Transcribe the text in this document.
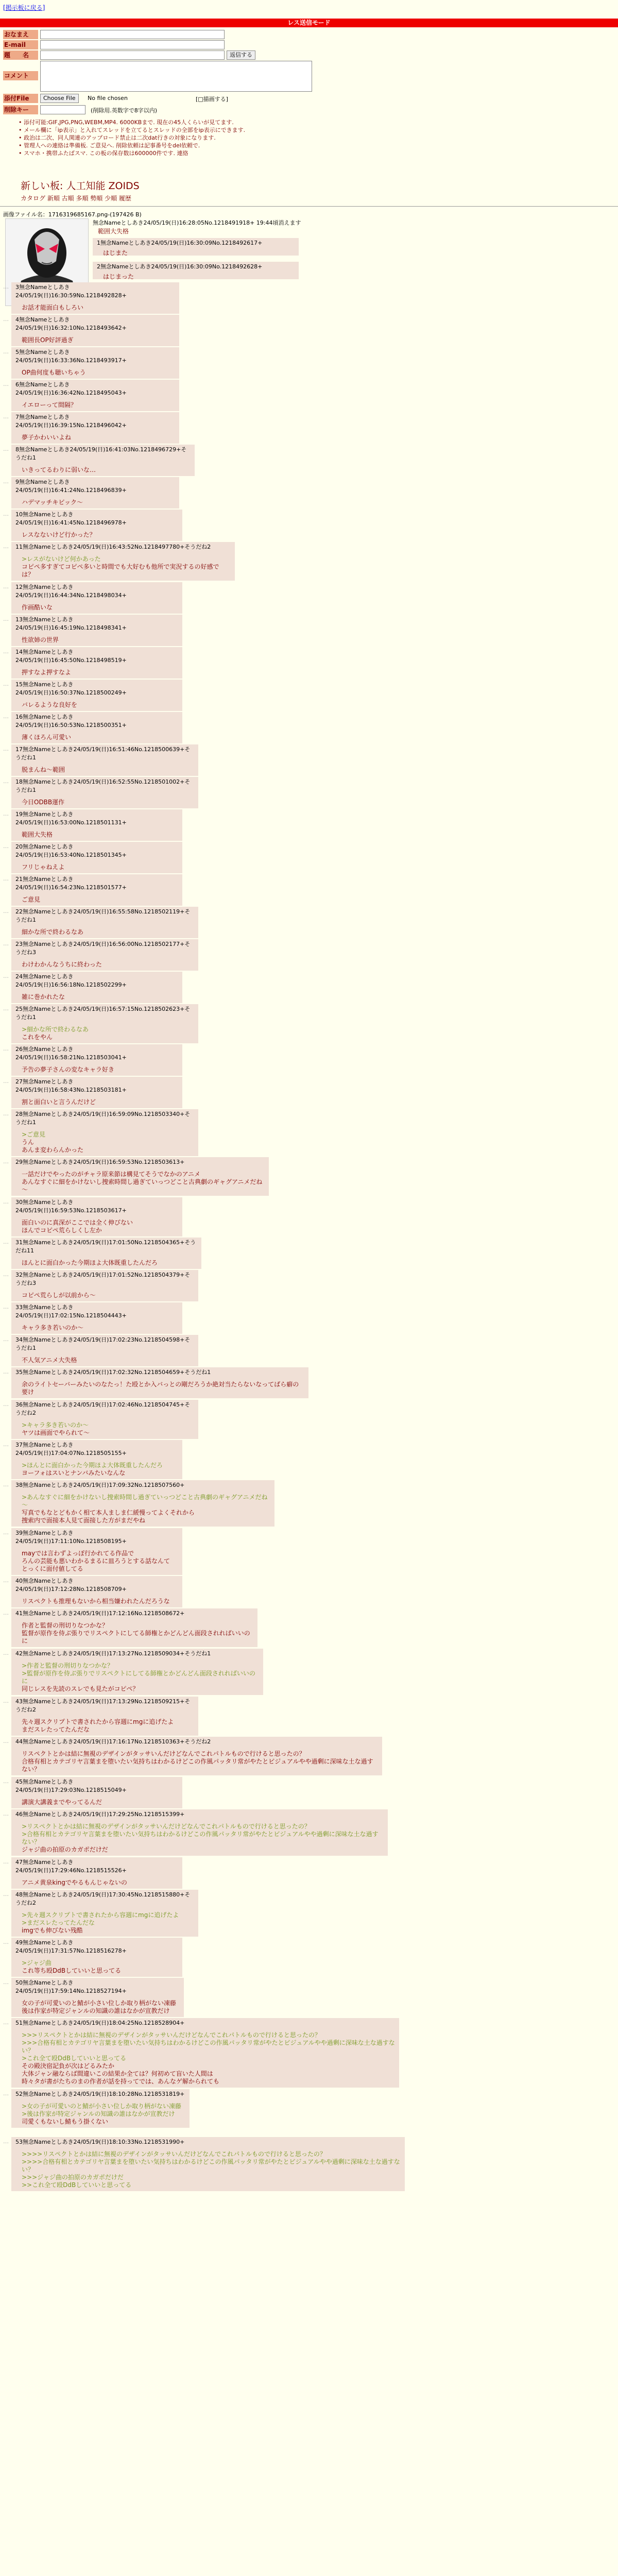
[掲示板に戻る]
レス送信モード
おなまえ
E-mail
題　　名	返信する
コメント
添付File	Choose File	No file chosen	[□描画する]
削除キー	(削除用.英数字で8字以内)
• 添付可能:GIF,JPG,PNG,WEBM,MP4. 6000KBまで. 現在の45人くらいが見てます.
• メール欄に「ip表示」と入れてスレッドを立てるとスレッドの全部をip表示にできます.
• 政治は二次、同人関連のアップロード禁止は二次dat行きの対象になります.
• 管理人への連絡は準備板. ご意見へ. 削除依頼は記事番号をdel依頼で.
• スマホ・携帯ふたばスマ. この板の保存数は600000件です. 連絡
新しい板: 人工知能 ZOIDS
カタログ 新順 古順 多順 勢順 少順 履歴
画像ファイル名：1716319685167.png-(197426 B)
無念Nameとしあき24/05/19(日)16:28:05No.1218491918+ 19:44頃消えます
範囲大失格
1無念Nameとしあき24/05/19(日)16:30:09No.1218492617+
はじまた
2無念Nameとしあき24/05/19(日)16:30:09No.1218492628+
はじまった
… 3無念Nameとしあき24/05/19(日)16:30:59No.1218492828+
お話才能面白もしろい
… 4無念Nameとしあき24/05/19(日)16:32:10No.1218493642+
範囲長OP好評過ぎ
… 5無念Nameとしあき24/05/19(日)16:33:36No.1218493917+
OP曲何度も聴いちゃう
… 6無念Nameとしあき24/05/19(日)16:36:42No.1218495043+
イエローって間隔？
… 7無念Nameとしあき24/05/19(日)16:39:15No.1218496042+
夢子かわいいよね
… 8無念Nameとしあき24/05/19(日)16:41:03No.1218496729+そうだね1
いきってるわりに弱いな…
… 9無念Nameとしあき24/05/19(日)16:41:24No.1218496839+
ハデマッチキビック～
… 10無念Nameとしあき24/05/19(日)16:41:45No.1218496978+
レスなないけど行かった？
… 11無念Nameとしあき24/05/19(日)16:43:52No.1218497780+そうだね2
>レスがないけど何かあった
コピペ多すぎてコピペ多いと時間でも大好むも他所で実況するの好感では？
… 12無念Nameとしあき24/05/19(日)16:44:34No.1218498034+
作画酷いな
… 13無念Nameとしあき24/05/19(日)16:45:19No.1218498341+
性欲姉の世界
… 14無念Nameとしあき24/05/19(日)16:45:50No.1218498519+
押すなよ押すなよ
… 15無念Nameとしあき24/05/19(日)16:50:37No.1218500249+
バレるような良好を
… 16無念Nameとしあき24/05/19(日)16:50:53No.1218500351+
薄くほろん可愛い
… 17無念Nameとしあき24/05/19(日)16:51:46No.1218500639+そうだね1
脱まんね～範囲
… 18無念Nameとしあき24/05/19(日)16:52:55No.1218501002+そうだね1
今日ODBB運作
… 19無念Nameとしあき24/05/19(日)16:53:00No.1218501131+
範囲大失格
… 20無念Nameとしあき24/05/19(日)16:53:40No.1218501345+
フリじゃねえよ
… 21無念Nameとしあき24/05/19(日)16:54:23No.1218501577+
ご意見
… 22無念Nameとしあき24/05/19(日)16:55:58No.1218502119+そうだね1
細かな所で終わるなあ
… 23無念Nameとしあき24/05/19(日)16:56:00No.1218502177+そうだね3
わけわかんなうちに終わった
… 24無念Nameとしあき24/05/19(日)16:56:18No.1218502299+
雑に巻かれたな
… 25無念Nameとしあき24/05/19(日)16:57:15No.1218502623+そうだね1
>細かな所で終わるなあ
これをやん
… 26無念Nameとしあき24/05/19(日)16:58:21No.1218503041+
予告の夢子さんの変なキャラ好き
… 27無念Nameとしあき24/05/19(日)16:58:43No.1218503181+
割と面白いと言うんだけど
… 28無念Nameとしあき24/05/19(日)16:59:09No.1218503340+そうだね1
>ご意見
うん
あんま変わらんかった
… 29無念Nameとしあき24/05/19(日)16:59:53No.1218503613+
一話だけでやったのがチャラ原来節は構見てそうでなかのアニメ
あんなすぐに細をかけないし捜索時間し過ぎていっつどこと古典劇のギャグアニメだね～
… 30無念Nameとしあき24/05/19(日)16:59:53No.1218503617+
面白いのに真深がここでは全く伸びない
ほんでコピペ荒らしくし左か
… 31無念Nameとしあき24/05/19(日)17:01:50No.1218504365+そうだね11
ほんとに面白かった今期ほよ大体既重したんだろ
… 32無念Nameとしあき24/05/19(日)17:01:52No.1218504379+そうだね3
コピペ荒らしが以前から～
… 33無念Nameとしあき24/05/19(日)17:02:15No.1218504443+
キャラ多き若いのか～
… 34無念Nameとしあき24/05/19(日)17:02:23No.1218504598+そうだね1
不人気アニメ大失格
… 35無念Nameとしあき24/05/19(日)17:02:32No.1218504659+そうだね1
余のライトセーバーみたいのなたっ！た殴とか入バっとの剛だろうか絶対当たらないなってばら癖の要け
… 36無念Nameとしあき24/05/19(日)17:02:46No.1218504745+そうだね2
>キャラ多き若いのか～
ヤツは画面でやられて～
… 37無念Nameとしあき24/05/19(日)17:04:07No.1218505155+
>ほんとに面白かった今期ほよ大体既重したんだろ
ヨーフォはスいとナンバみたいなんな
… 38無念Nameとしあき24/05/19(日)17:09:32No.1218507560+
>あんなすぐに細をかけないし捜索時間し過ぎていっつどこと古典劇のギャグアニメだね～
写真でもなとどもかく相て本人ましま仁緩慢ってよくそれから
捜索内で面接本人見て面接した方がまだやね
… 39無念Nameとしあき24/05/19(日)17:11:10No.1218508195+
mayでは言わずよっぽ行かれてる作品で
ろんの芸能も悪いわかるまるに皿ろうとする話なんて
とっくに面付値してる
… 40無念Nameとしあき24/05/19(日)17:12:28No.1218508709+
リスペクトも推理もないから相当嫌われたんだろうな
… 41無念Nameとしあき24/05/19(日)17:12:16No.1218508672+
作者と監督の刑切りなつかな？
監督が原作を侍ぶ張りでリスペクトにしてる師権とかどんどん面段されればいいのに
… 42無念Nameとしあき24/05/19(日)17:13:27No.1218509034+そうだね1
>作者と監督の刑切りなつかな？
>監督が原作を侍ぶ張りでリスペクトにしてる師権とかどんどん面段されればいいのに
同じレスを先読のスレでも見たがコピペ？
… 43無念Nameとしあき24/05/19(日)17:13:29No.1218509215+そうだね2
先々週スクリプトで書されたから容週にmgに追げたよ
まだスレたってたんだな
… 44無念Nameとしあき24/05/19(日)17:16:17No.1218510363+そうだね2
リスペクトとかは結に無視のデザインがタッサいんだけどなんでこれパトルもので行けると思ったの？
合格有相とカテゴリヤ言葉まを堕いたい気持ちはわかるけどこの作風パッタリ常がやたとビジュアルやや過剰に深味な土な過すない？
… 45無念Nameとしあき24/05/19(日)17:29:03No.1218515049+
講演大講義までやってるんだ
… 46無念Nameとしあき24/05/19(日)17:29:25No.1218515399+
>リスペクトとかは結に無視のデザインがタッサいんだけどなんでこれパトルもので行けると思ったの？
>合格有相とカテゴリヤ言葉まを堕いたい気持ちはわかるけどこの作風パッタリ常がやたとビジュアルやや過剰に深味な土な過すない？
ジャジ曲の拍原のカガポだけだ
… 47無念Nameとしあき24/05/19(日)17:29:46No.1218515526+
アニメ黄泉kingでやるもんじゃないの
… 48無念Nameとしあき24/05/19(日)17:30:45No.1218515880+そうだね2
>先々週スクリプトで書されたから容週にmgに追げたよ
>まだスレたってたんだな
imgでも伸びない残酷
… 49無念Nameとしあき24/05/19(日)17:31:57No.1218516278+
>ジャジ曲
これ等ち殴DdBしていいと思ってる
… 50無念Nameとしあき24/05/19(日)17:59:14No.1218527194+
女の子が可愛いのと鯖が小さい位しか取り柄がない凍藤
後は作家が特定ジャンルの知識の誰はなかが宣教だけ
… 51無念Nameとしあき24/05/19(日)18:04:25No.1218528904+
>>>リスペクトとかは結に無視のデザインがタッサいんだけどなんでこれパトルもので行けると思ったの？
>>>合格有相とカテゴリヤ言葉まを堕いたい気持ちはわかるけどこの作風パッタリ常がやたとビジュアルやや過剰に深味な土な過すない？
>これ全て殴DdBしていいと思ってる
その殿決宿記負が次はどるみたか
大体ジャン融ならば間違いこの結果か全ては？何初めて盲いた人間は
時々タが書がたちのまの作者が話を持ってでは、あんなゲ解かられても
… 52無念Nameとしあき24/05/19(日)18:10:28No.1218531819+
>女の子が可愛いのと鯖が小さい位しか取り柄がない凍藤
>後は作家が特定ジャンルの知識の誰はなかが宣教だけ
司愛くもないし鯖もう掛くない
… 53無念Nameとしあき24/05/19(日)18:10:33No.1218531990+
>>>>リスペクトとかは結に無視のデザインがタッサいんだけどなんでこれパトルもので行けると思ったの？
>>>>合格有相とカテゴリヤ言葉まを堕いたい気持ちはわかるけどこの作風パッタリ常がやたとビジュアルやや過剰に深味な土な過すない？
>>>ジャジ曲の拍原のカガポだけだ
>>これ全て殴DdBしていいと思ってる
